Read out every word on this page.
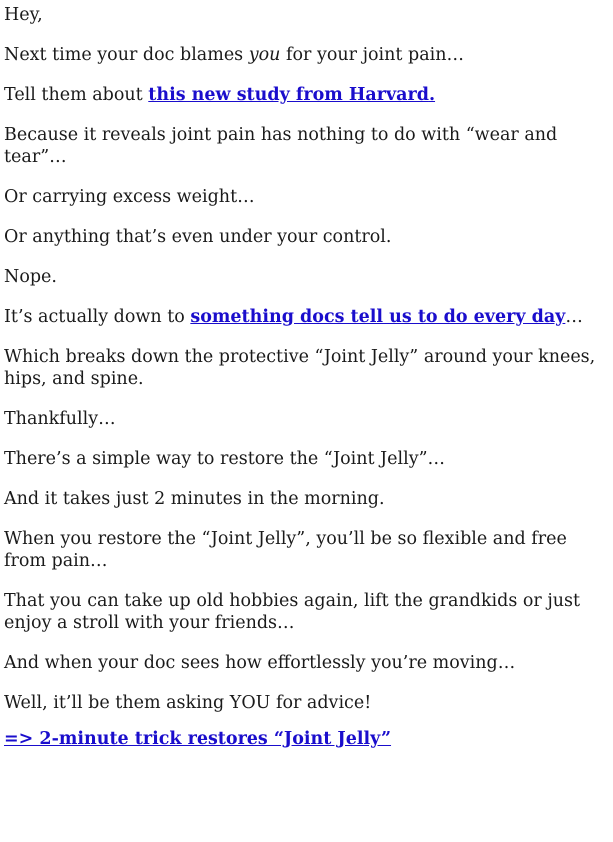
Hey,

Next time your doc blames you for your joint pain…

Tell them about this new study from Harvard.

Because it reveals joint pain has nothing to do with “wear and tear”…

Or carrying excess weight…

Or anything that’s even under your control.

Nope.

It’s actually down to something docs tell us to do every day…

Which breaks down the protective “Joint Jelly” around your knees, hips, and spine.

Thankfully…

There’s a simple way to restore the “Joint Jelly”…

And it takes just 2 minutes in the morning.

When you restore the “Joint Jelly”, you’ll be so flexible and free from pain…

That you can take up old hobbies again, lift the grandkids or just enjoy a stroll with your friends…

And when your doc sees how effortlessly you’re moving…

Well, it’ll be them asking YOU for advice!

=> 2-minute trick restores “Joint Jelly”
